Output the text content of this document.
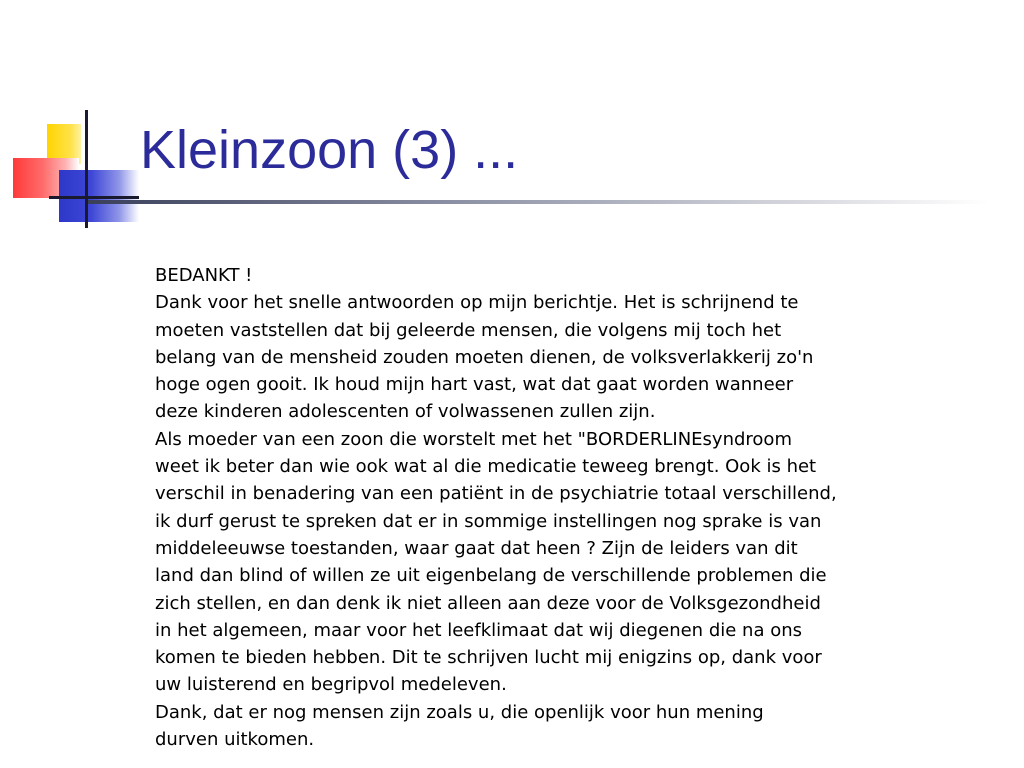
Kleinzoon (3) ...

BEDANKT !

Dank voor het snelle antwoorden op mijn berichtje. Het is schrijnend te
moeten vaststellen dat bij geleerde mensen, die volgens mij toch het
belang van de mensheid zouden moeten dienen, de volksverlakkerij zo'n
hoge ogen gooit. Ik houd mijn hart vast, wat dat gaat worden wanneer
deze kinderen adolescenten of volwassenen zullen zijn.

Als moeder van een zoon die worstelt met het "BORDERLINEsyndroom
weet ik beter dan wie ook wat al die medicatie teweeg brengt. Ook is het
verschil in benadering van een patiënt in de psychiatrie totaal verschillend,
ik durf gerust te spreken dat er in sommige instellingen nog sprake is van
middeleeuwse toestanden, waar gaat dat heen ? Zijn de leiders van dit
land dan blind of willen ze uit eigenbelang de verschillende problemen die
zich stellen, en dan denk ik niet alleen aan deze voor de Volksgezondheid
in het algemeen, maar voor het leefklimaat dat wij diegenen die na ons
komen te bieden hebben. Dit te schrijven lucht mij enigzins op, dank voor
uw luisterend en begripvol medeleven.

Dank, dat er nog mensen zijn zoals u, die openlijk voor hun mening
durven uitkomen.
